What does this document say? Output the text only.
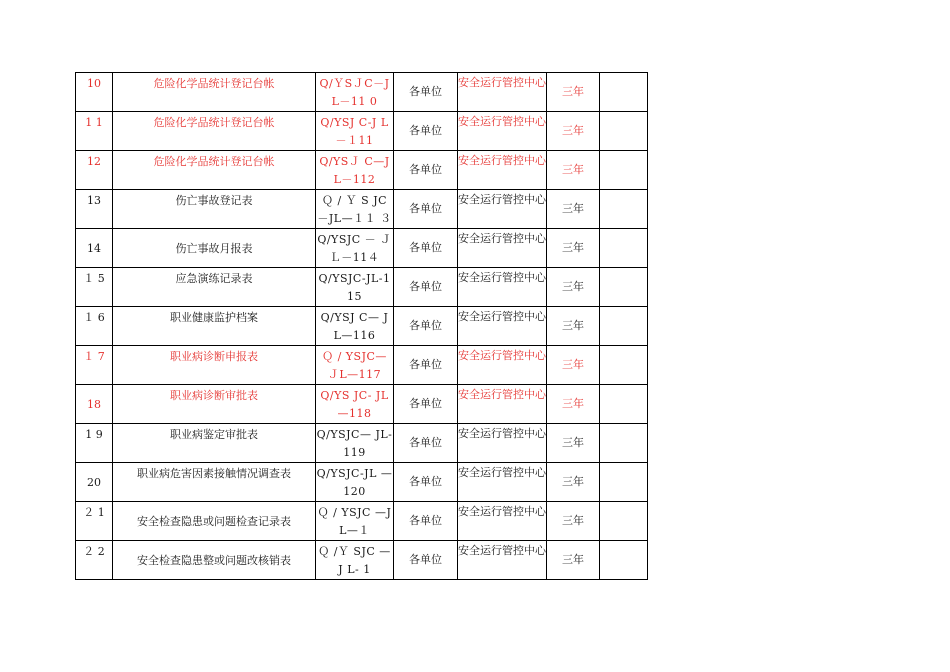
10	危险化学品统计登记台帐	Q/ＹSＪC－JL－11 0	各单位	安全运行管控中心	三年	
1 1	危险化学品统计登记台帐	Q/YSJ C-J L－１11	各单位	安全运行管控中心	三年	
12	危险化学品统计登记台帐	Q/YSＪ C—JL－112	各单位	安全运行管控中心	三年	
13	伤亡事故登记表	Ｑ / Ｙ S JC －JL—１１ ３	各单位	安全运行管控中心	三年	
14	伤亡事故月报表	Q/YSJC － Ｊ Ｌ－11４	各单位	安全运行管控中心	三年	
１ 5	应急演练记录表	Q/YSJC-JL-115	各单位	安全运行管控中心	三年	
１ 6	职业健康监护档案	Q/YSJ C— J L—116	各单位	安全运行管控中心	三年	
１ 7	职业病诊断申报表	Ｑ / YSJC— ＪL—117	各单位	安全运行管控中心	三年	
18	职业病诊断审批表	Q/YS JC- JL—118	各单位	安全运行管控中心	三年	
1 9	职业病鉴定审批表	Q/YSJC— JL-119	各单位	安全运行管控中心	三年	
20	职业病危害因素接触情况调查表	Q/YSJC-JL —120	各单位	安全运行管控中心	三年	
２ 1	安全检查隐患或问题检查记录表	Ｑ / YSJC —J L—１	各单位	安全运行管控中心	三年	
２ 2	安全检查隐患整或问题改核销表	Ｑ /Ｙ SJC —J L- 1	各单位	安全运行管控中心	三年	
